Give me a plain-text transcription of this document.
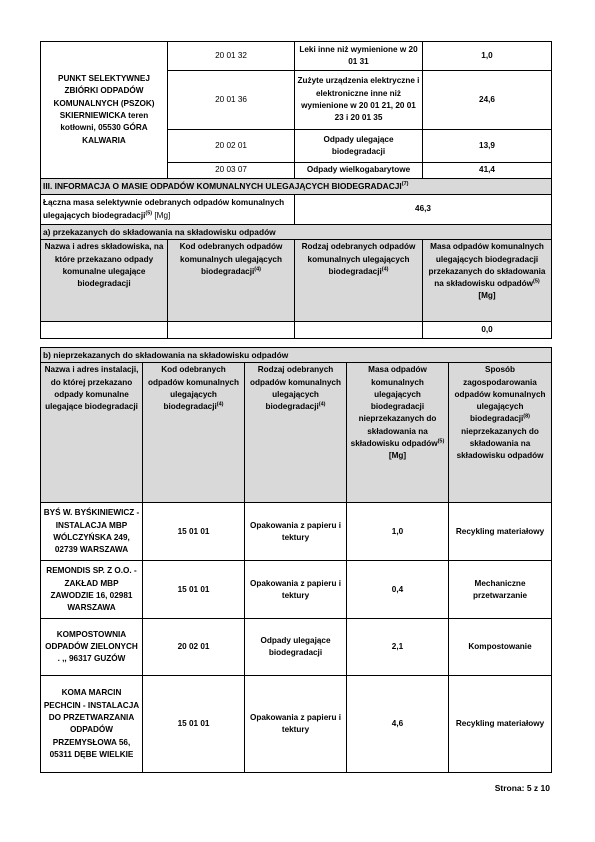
PUNKT SELEKTYWNEJ ZBIÓRKI ODPADÓW KOMUNALNYCH (PSZOK) SKIERNIEWICKA teren kotłowni, 05530 GÓRA KALWARIA	20 01 32	Leki inne niż wymienione w 20 01 31	1,0
	20 01 36	Zużyte urządzenia elektryczne i elektroniczne inne niż wymienione w 20 01 21, 20 01 23 i 20 01 35	24,6
	20 02 01	Odpady ulegające biodegradacji	13,9
	20 03 07	Odpady wielkogabarytowe	41,4
III. INFORMACJA O MASIE ODPADÓW KOMUNALNYCH ULEGAJĄCYCH BIODEGRADACJI$^{(7)}$
Łączna masa selektywnie odebranych odpadów komunalnych ulegających biodegradacji$^{(5)}$ [Mg]		46,3	
a) przekazanych do składowania na składowisku odpadów			
Nazwa i adres składowiska, na które przekazano odpady komunalne ulegające biodegradacji	Kod odebranych odpadów komunalnych ulegających biodegradacji$^{(4)}$	Rodzaj odebranych odpadów komunalnych ulegających biodegradacji$^{(4)}$	Masa odpadów komunalnych ulegających biodegradacji przekazanych do składowania na składowisku odpadów$^{(5)}$ [Mg]
			0,0
b) nieprzekazanych do składowania na składowisku odpadów				
Nazwa i adres instalacji, do której przekazano odpady komunalne ulegające biodegradacji	Kod odebranych odpadów komunalnych ulegających biodegradacji$^{(4)}$	Rodzaj odebranych odpadów komunalnych ulegających biodegradacji$^{(4)}$	Masa odpadów komunalnych ulegających biodegradacji nieprzekazanych do składowania na składowisku odpadów$^{(5)}$ [Mg]	Sposób zagospodarowania odpadów komunalnych ulegających biodegradacji$^{(8)}$ nieprzekazanych do składowania na składowisku odpadów
BYŚ W. BYŚKINIEWICZ - INSTALACJA MBP WÓLCZYŃSKA 249, 02739 WARSZAWA	15 01 01	Opakowania z papieru i tektury	1,0	Recykling materiałowy
REMONDIS SP. Z O.O. - ZAKŁAD MBP ZAWODZIE 16, 02981 WARSZAWA	15 01 01	Opakowania z papieru i tektury	0,4	Mechaniczne przetwarzanie
KOMPOSTOWNIA ODPADÓW ZIELONYCH . ,, 96317 GUZÓW	20 02 01	Odpady ulegające biodegradacji	2,1	Kompostowanie
KOMA MARCIN PECHCIN - INSTALACJA DO PRZETWARZANIA ODPADÓW PRZEMYSŁOWA 56, 05311 DĘBE WIELKIE	15 01 01	Opakowania z papieru i tektury	4,6	Recykling materiałowy
Strona: 5 z 10
